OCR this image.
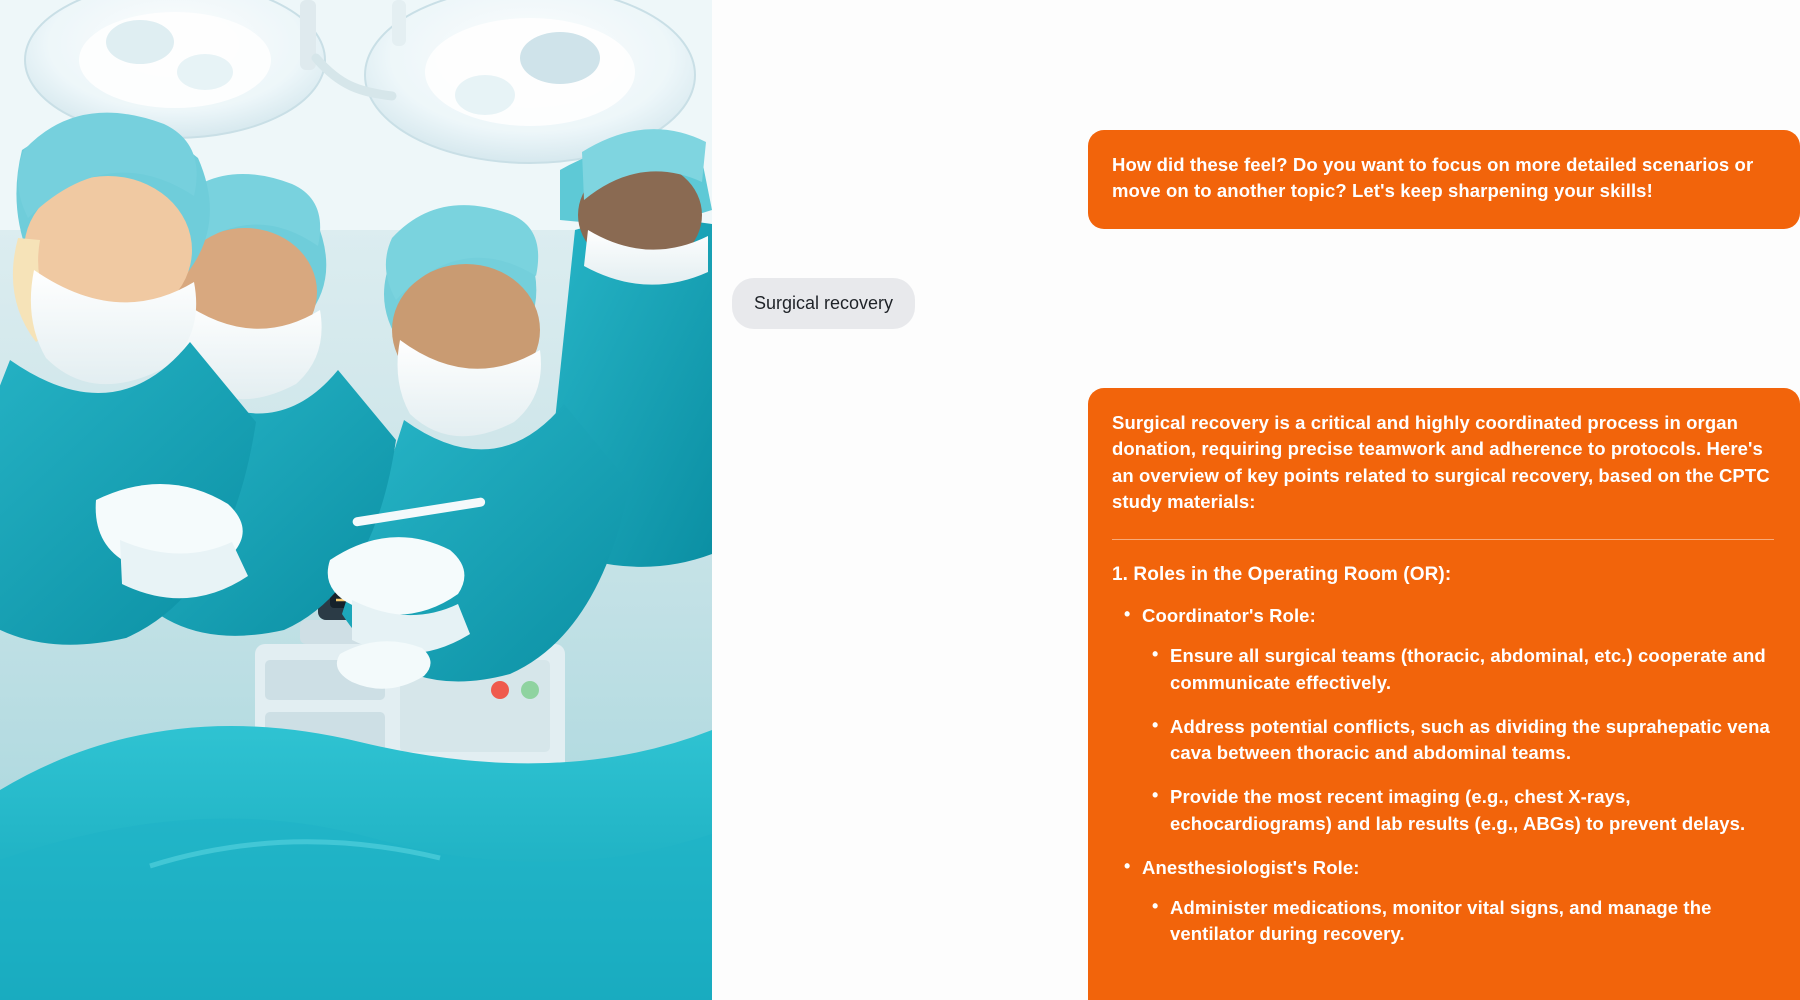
How did these feel? Do you want to focus on more detailed scenarios or move on to another topic? Let's keep sharpening your skills!
Surgical recovery

Surgical recovery is a critical and highly coordinated process in organ donation, requiring precise teamwork and adherence to protocols. Here's an overview of key points related to surgical recovery, based on the CPTC study materials:

1. Roles in the Operating Room (OR):
• Coordinator's Role:
• Ensure all surgical teams (thoracic, abdominal, etc.) cooperate and communicate effectively.
• Address potential conflicts, such as dividing the suprahepatic vena cava between thoracic and abdominal teams.
• Provide the most recent imaging (e.g., chest X-rays, echocardiograms) and lab results (e.g., ABGs) to prevent delays.
• Anesthesiologist's Role:
• Administer medications, monitor vital signs, and manage the ventilator during recovery.
